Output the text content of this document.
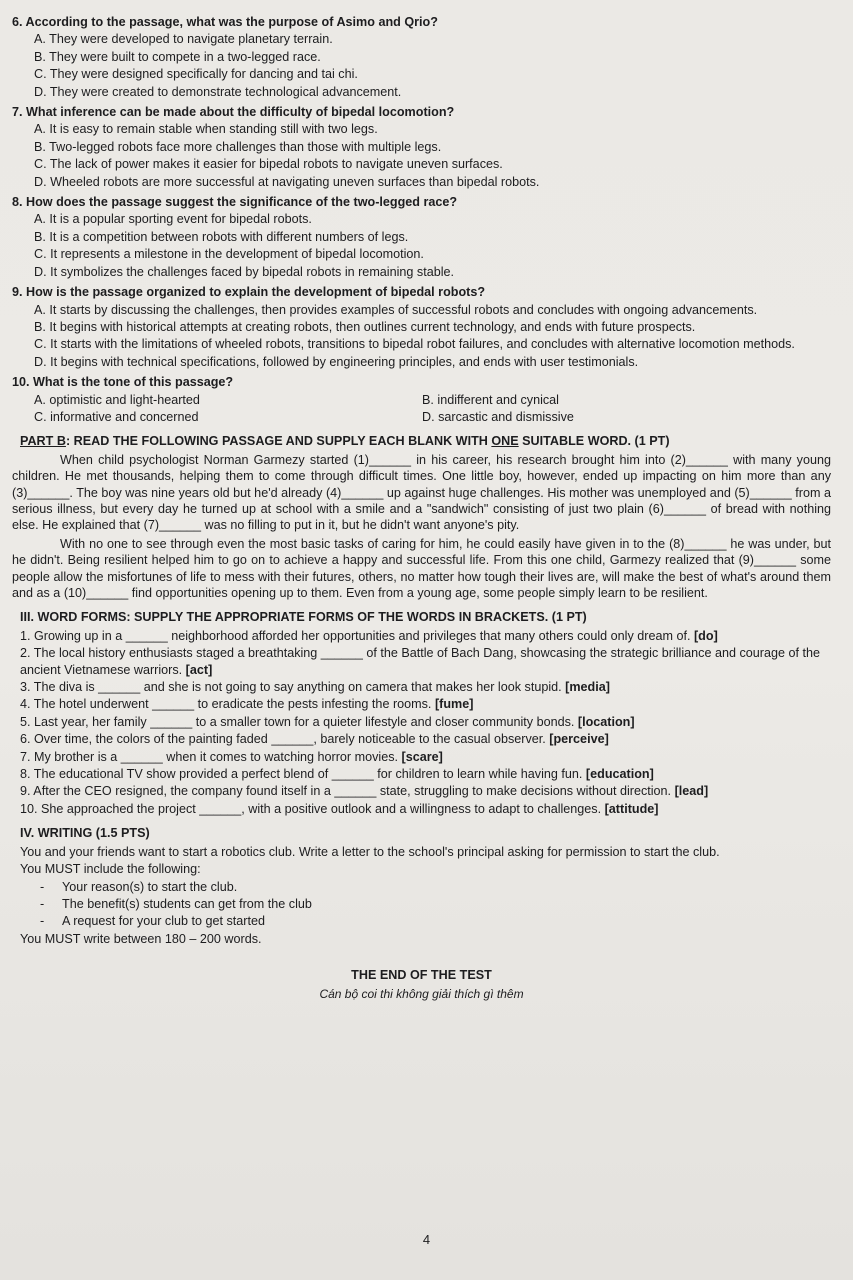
6. According to the passage, what was the purpose of Asimo and Qrio?
A. They were developed to navigate planetary terrain.
B. They were built to compete in a two-legged race.
C. They were designed specifically for dancing and tai chi.
D. They were created to demonstrate technological advancement.
7. What inference can be made about the difficulty of bipedal locomotion?
A. It is easy to remain stable when standing still with two legs.
B. Two-legged robots face more challenges than those with multiple legs.
C. The lack of power makes it easier for bipedal robots to navigate uneven surfaces.
D. Wheeled robots are more successful at navigating uneven surfaces than bipedal robots.
8. How does the passage suggest the significance of the two-legged race?
A. It is a popular sporting event for bipedal robots.
B. It is a competition between robots with different numbers of legs.
C. It represents a milestone in the development of bipedal locomotion.
D. It symbolizes the challenges faced by bipedal robots in remaining stable.
9. How is the passage organized to explain the development of bipedal robots?
A. It starts by discussing the challenges, then provides examples of successful robots and concludes with ongoing advancements.
B. It begins with historical attempts at creating robots, then outlines current technology, and ends with future prospects.
C. It starts with the limitations of wheeled robots, transitions to bipedal robot failures, and concludes with alternative locomotion methods.
D. It begins with technical specifications, followed by engineering principles, and ends with user testimonials.
10. What is the tone of this passage?
A. optimistic and light-hearted	B. indifferent and cynical
C. informative and concerned	D. sarcastic and dismissive
PART B: READ THE FOLLOWING PASSAGE AND SUPPLY EACH BLANK WITH ONE SUITABLE WORD. (1 PT)
When child psychologist Norman Garmezy started (1)______ in his career, his research brought him into (2)______ with many young children. He met thousands, helping them to come through difficult times. One little boy, however, ended up impacting on him more than any (3)______. The boy was nine years old but he'd already (4)______ up against huge challenges. His mother was unemployed and (5)______ from a serious illness, but every day he turned up at school with a smile and a "sandwich" consisting of just two plain (6)______ of bread with nothing else. He explained that (7)______ was no filling to put in it, but he didn't want anyone's pity.
With no one to see through even the most basic tasks of caring for him, he could easily have given in to the (8)______ he was under, but he didn't. Being resilient helped him to go on to achieve a happy and successful life. From this one child, Garmezy realized that (9)______ some people allow the misfortunes of life to mess with their futures, others, no matter how tough their lives are, will make the best of what's around them and as a (10)______ find opportunities opening up to them. Even from a young age, some people simply learn to be resilient.
III. WORD FORMS: SUPPLY THE APPROPRIATE FORMS OF THE WORDS IN BRACKETS. (1 PT)
1. Growing up in a ______ neighborhood afforded her opportunities and privileges that many others could only dream of. [do]
2. The local history enthusiasts staged a breathtaking ______ of the Battle of Bach Dang, showcasing the strategic brilliance and courage of the ancient Vietnamese warriors. [act]
3. The diva is ______ and she is not going to say anything on camera that makes her look stupid. [media]
4. The hotel underwent ______ to eradicate the pests infesting the rooms. [fume]
5. Last year, her family ______ to a smaller town for a quieter lifestyle and closer community bonds. [location]
6. Over time, the colors of the painting faded ______, barely noticeable to the casual observer. [perceive]
7. My brother is a ______ when it comes to watching horror movies. [scare]
8. The educational TV show provided a perfect blend of ______ for children to learn while having fun. [education]
9. After the CEO resigned, the company found itself in a ______ state, struggling to make decisions without direction. [lead]
10. She approached the project ______, with a positive outlook and a willingness to adapt to challenges. [attitude]
IV. WRITING (1.5 PTS)
You and your friends want to start a robotics club. Write a letter to the school's principal asking for permission to start the club.
You MUST include the following:
- Your reason(s) to start the club.
- The benefit(s) students can get from the club
- A request for your club to get started
You MUST write between 180 – 200 words.
THE END OF THE TEST
Cán bộ coi thi không giải thích gì thêm
4
